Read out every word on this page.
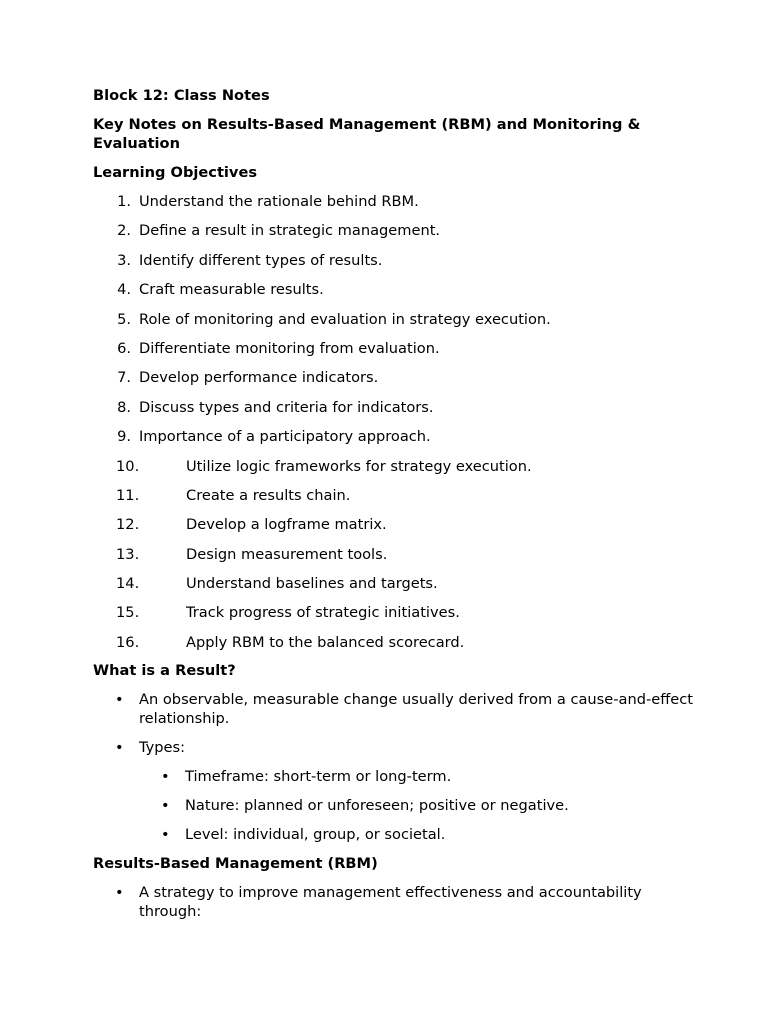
Block 12: Class Notes

Key Notes on Results-Based Management (RBM) and Monitoring & Evaluation

Learning Objectives

1. Understand the rationale behind RBM.
2. Define a result in strategic management.
3. Identify different types of results.
4. Craft measurable results.
5. Role of monitoring and evaluation in strategy execution.
6. Differentiate monitoring from evaluation.
7. Develop performance indicators.
8. Discuss types and criteria for indicators.
9. Importance of a participatory approach.
10.	Utilize logic frameworks for strategy execution.
11.	Create a results chain.
12.	Develop a logframe matrix.
13.	Design measurement tools.
14.	Understand baselines and targets.
15.	Track progress of strategic initiatives.
16.	Apply RBM to the balanced scorecard.

What is a Result?

• An observable, measurable change usually derived from a cause-and-effect relationship.
• Types:
• Timeframe: short-term or long-term.
• Nature: planned or unforeseen; positive or negative.
• Level: individual, group, or societal.

Results-Based Management (RBM)

• A strategy to improve management effectiveness and accountability through:
